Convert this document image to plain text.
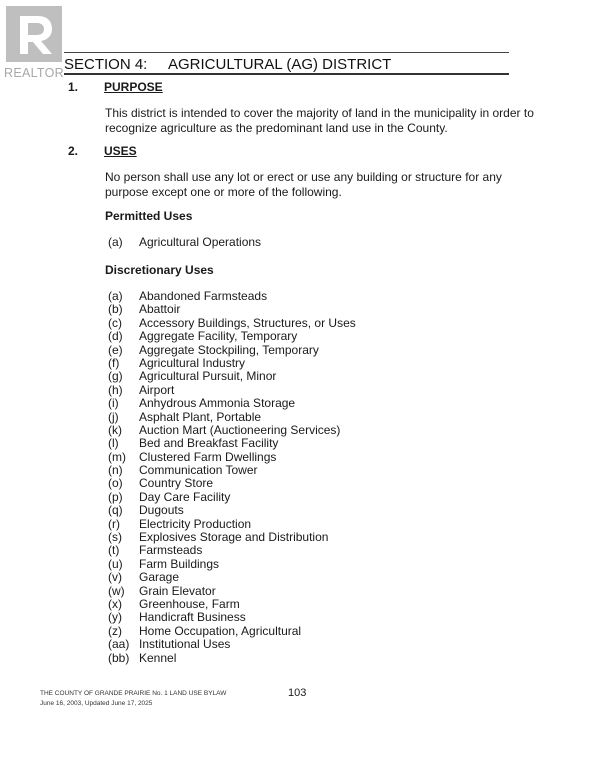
REALTOR SECTION 4: AGRICULTURAL (AG) DISTRICT
1. PURPOSE
This district is intended to cover the majority of land in the municipality in order to recognize agriculture as the predominant land use in the County.
2. USES
No person shall use any lot or erect or use any building or structure for any purpose except one or more of the following.
Permitted Uses
(a) Agricultural Operations
Discretionary Uses
(a) Abandoned Farmsteads
(b) Abattoir
(c) Accessory Buildings, Structures, or Uses
(d) Aggregate Facility, Temporary
(e) Aggregate Stockpiling, Temporary
(f) Agricultural Industry
(g) Agricultural Pursuit, Minor
(h) Airport
(i) Anhydrous Ammonia Storage
(j) Asphalt Plant, Portable
(k) Auction Mart (Auctioneering Services)
(l) Bed and Breakfast Facility
(m) Clustered Farm Dwellings
(n) Communication Tower
(o) Country Store
(p) Day Care Facility
(q) Dugouts
(r) Electricity Production
(s) Explosives Storage and Distribution
(t) Farmsteads
(u) Farm Buildings
(v) Garage
(w) Grain Elevator
(x) Greenhouse, Farm
(y) Handicraft Business
(z) Home Occupation, Agricultural
(aa) Institutional Uses
(bb) Kennel
THE COUNTY OF GRANDE PRAIRIE No. 1 LAND USE BYLAW
June 16, 2003, Updated June 17, 2025
103
